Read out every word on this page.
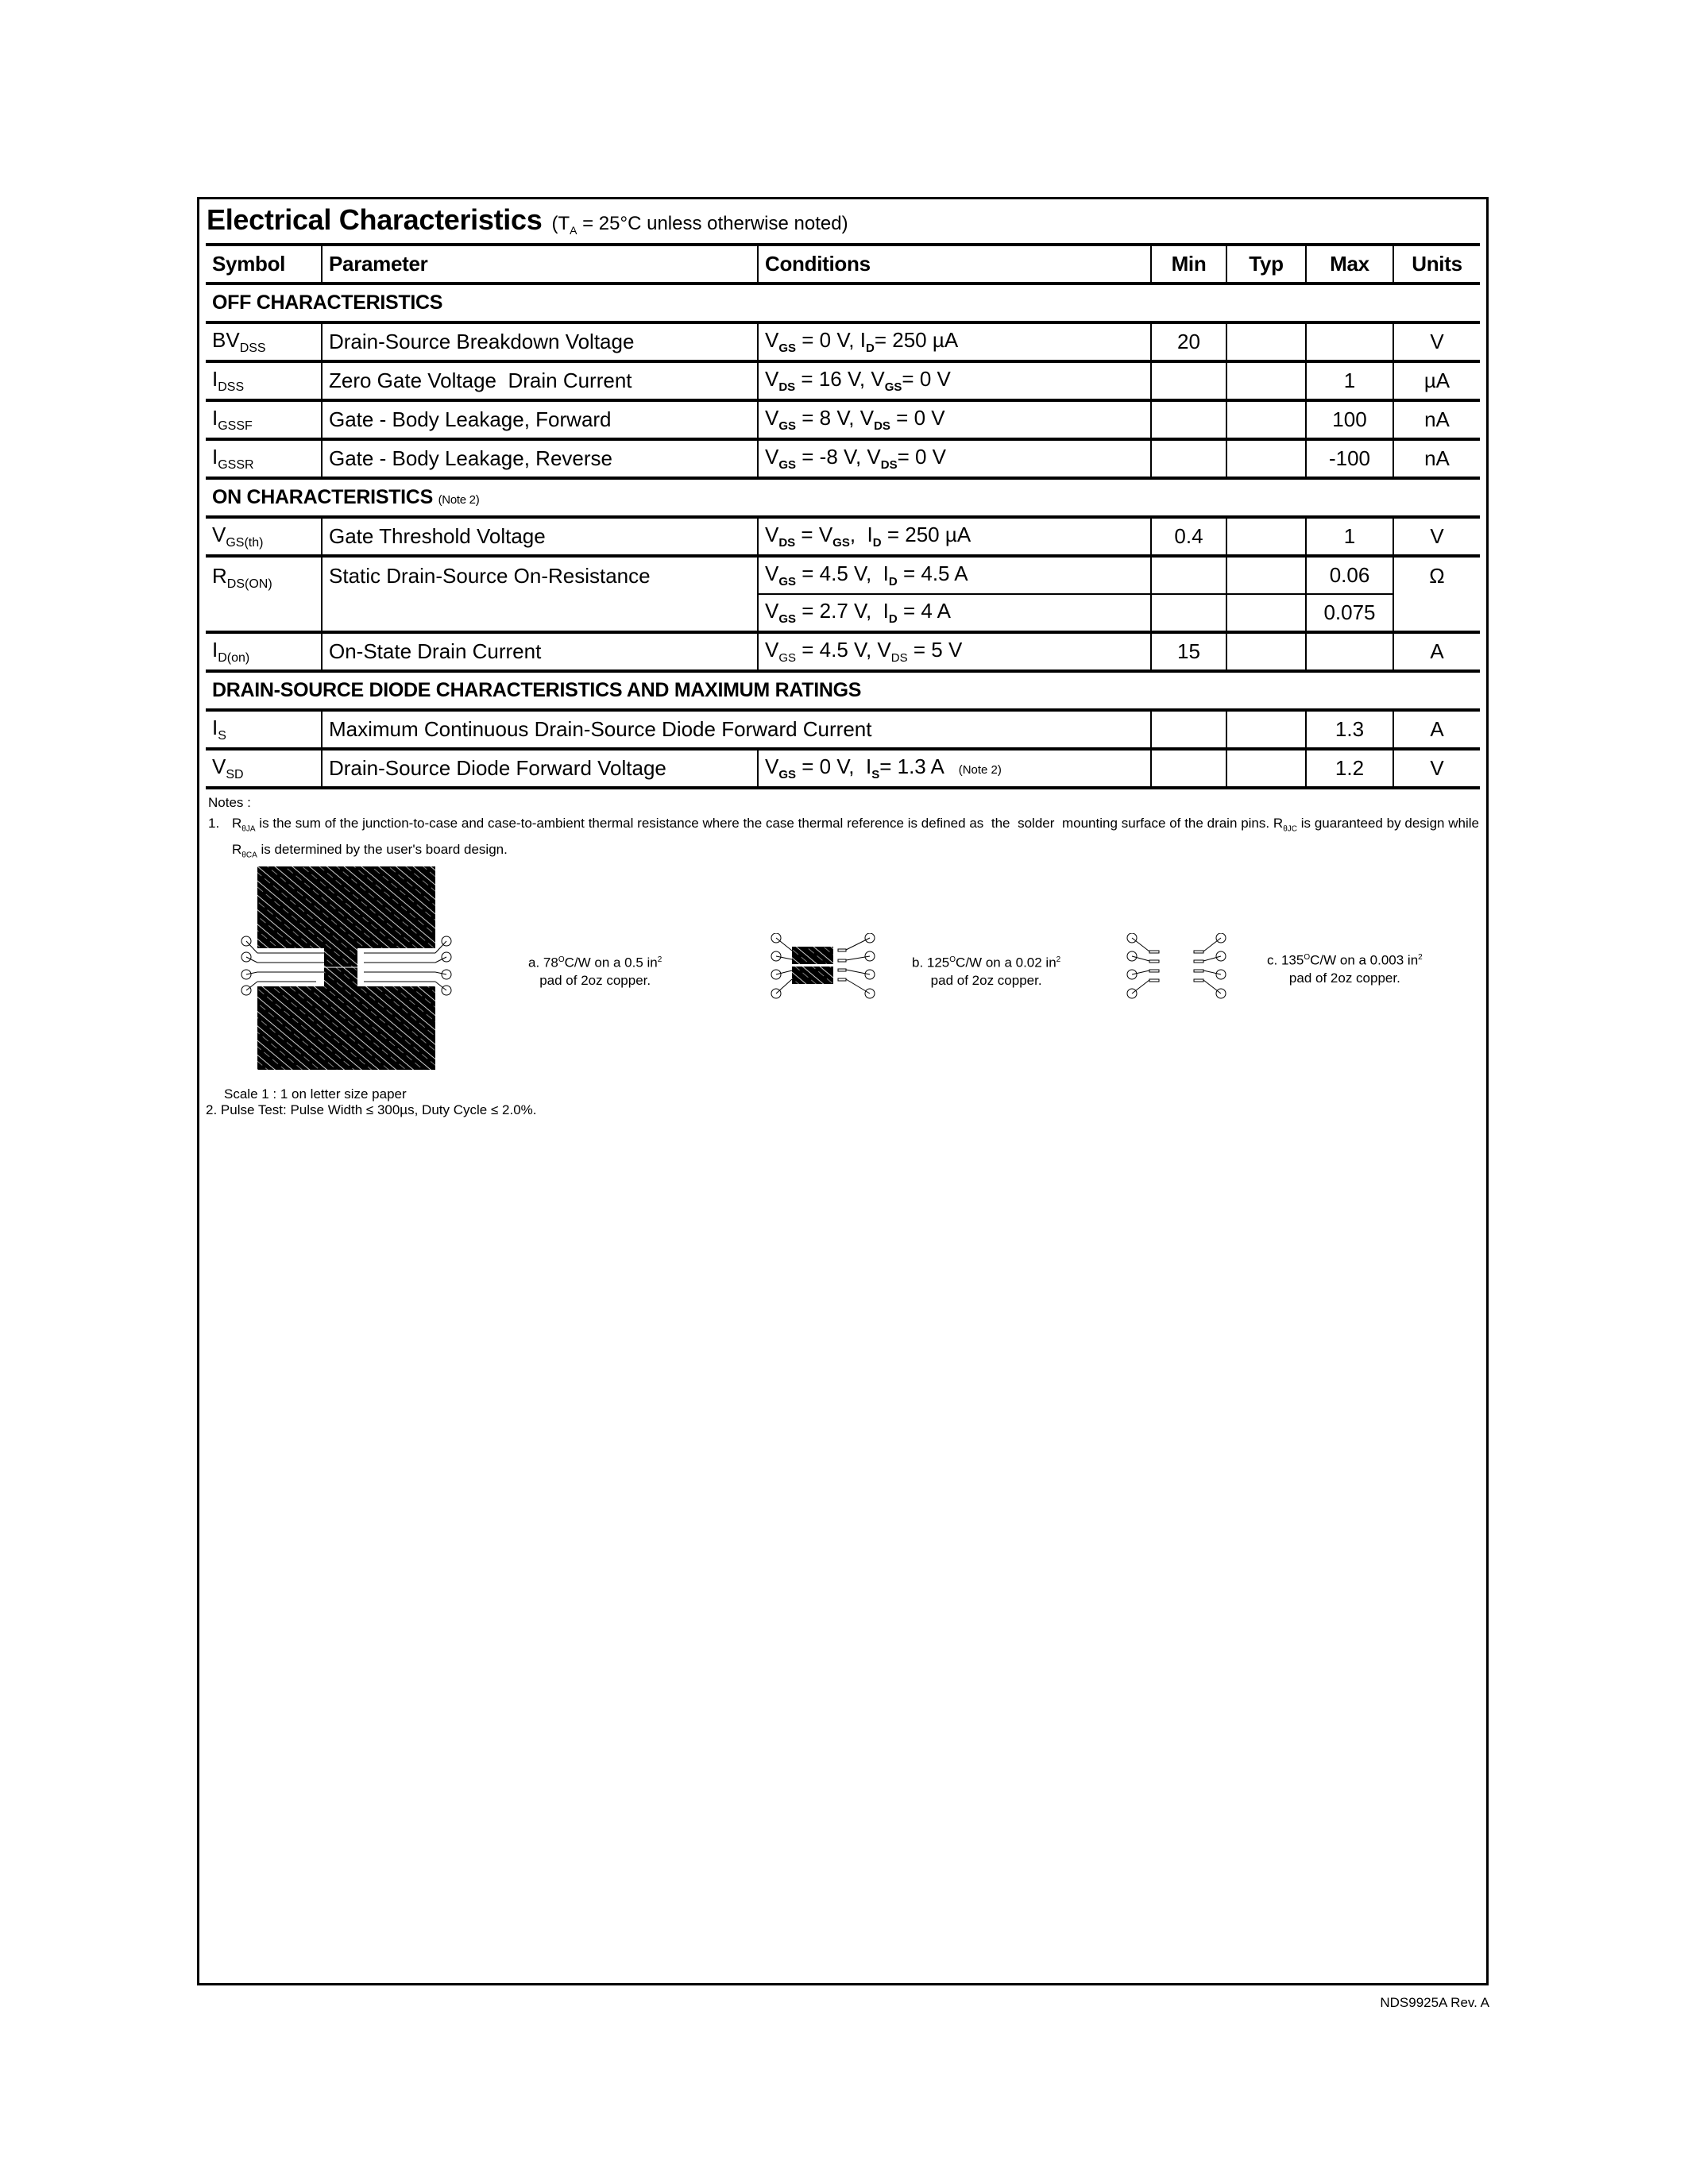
Electrical Characteristics ($T_A = 25^\circ C$ unless otherwise noted)
Symbol	Parameter	Conditions	Min	Typ	Max	Units
OFF CHARACTERISTICS						
$BV_{DSS}$	Drain-Source Breakdown Voltage	$V_{GS} = 0$ V, $I_D= 250$ µA	20			V
$I_{DSS}$	Zero Gate Voltage  Drain Current	$V_{DS} = 16$ V, $V_{GS}= 0$ V			1	µA
$I_{GSSF}$	Gate - Body Leakage, Forward	$V_{GS} = 8$ V, $V_{DS} = 0$ V			100	nA
$I_{GSSR}$	Gate - Body Leakage, Reverse	$V_{GS} = -8$ V, $V_{DS}= 0$ V			-100	nA
ON CHARACTERISTICS (Note 2)						
$V_{GS(th)}$	Gate Threshold Voltage	$V_{DS} = V_{GS}$,  $I_D = 250$ µA	0.4		1	V
$R_{DS(ON)}$	Static Drain-Source On-Resistance	$V_{GS} = 4.5$ V,  $I_D = 4.5$ A			0.06	Ω
		$V_{GS} = 2.7$ V,  $I_D = 4$ A			0.075	
$I_{D(on)}$	On-State Drain Current	$V_{GS} = 4.5$ V, $V_{DS} = 5$ V	15			A
DRAIN-SOURCE DIODE CHARACTERISTICS AND MAXIMUM RATINGS						
$I_S$	Maximum Continuous Drain-Source Diode Forward Current				1.3	A
$V_{SD}$	Drain-Source Diode Forward Voltage	$V_{GS} = 0$ V,  $I_S= 1.3$ A (Note 2)			1.2	V
Notes :
1. $R_{\theta JA}$ is the sum of the junction-to-case and case-to-ambient thermal resistance where the case thermal reference is defined as  the  solder  mounting surface of the drain pins. $R_{\theta JC}$ is guaranteed by design while $R_{\theta CA}$ is determined by the user's board design.
a. $78^OC/W$ on a 0.5 $in^2$
pad of 2oz copper.
b. $125^OC/W$ on a 0.02 $in^2$
pad of 2oz copper.
c. $135^OC/W$ on a 0.003 $in^2$
pad of 2oz copper.
Scale 1 : 1 on letter size paper
2. Pulse Test: Pulse Width ≤ 300µs, Duty Cycle ≤ 2.0%.
NDS9925A Rev. A
